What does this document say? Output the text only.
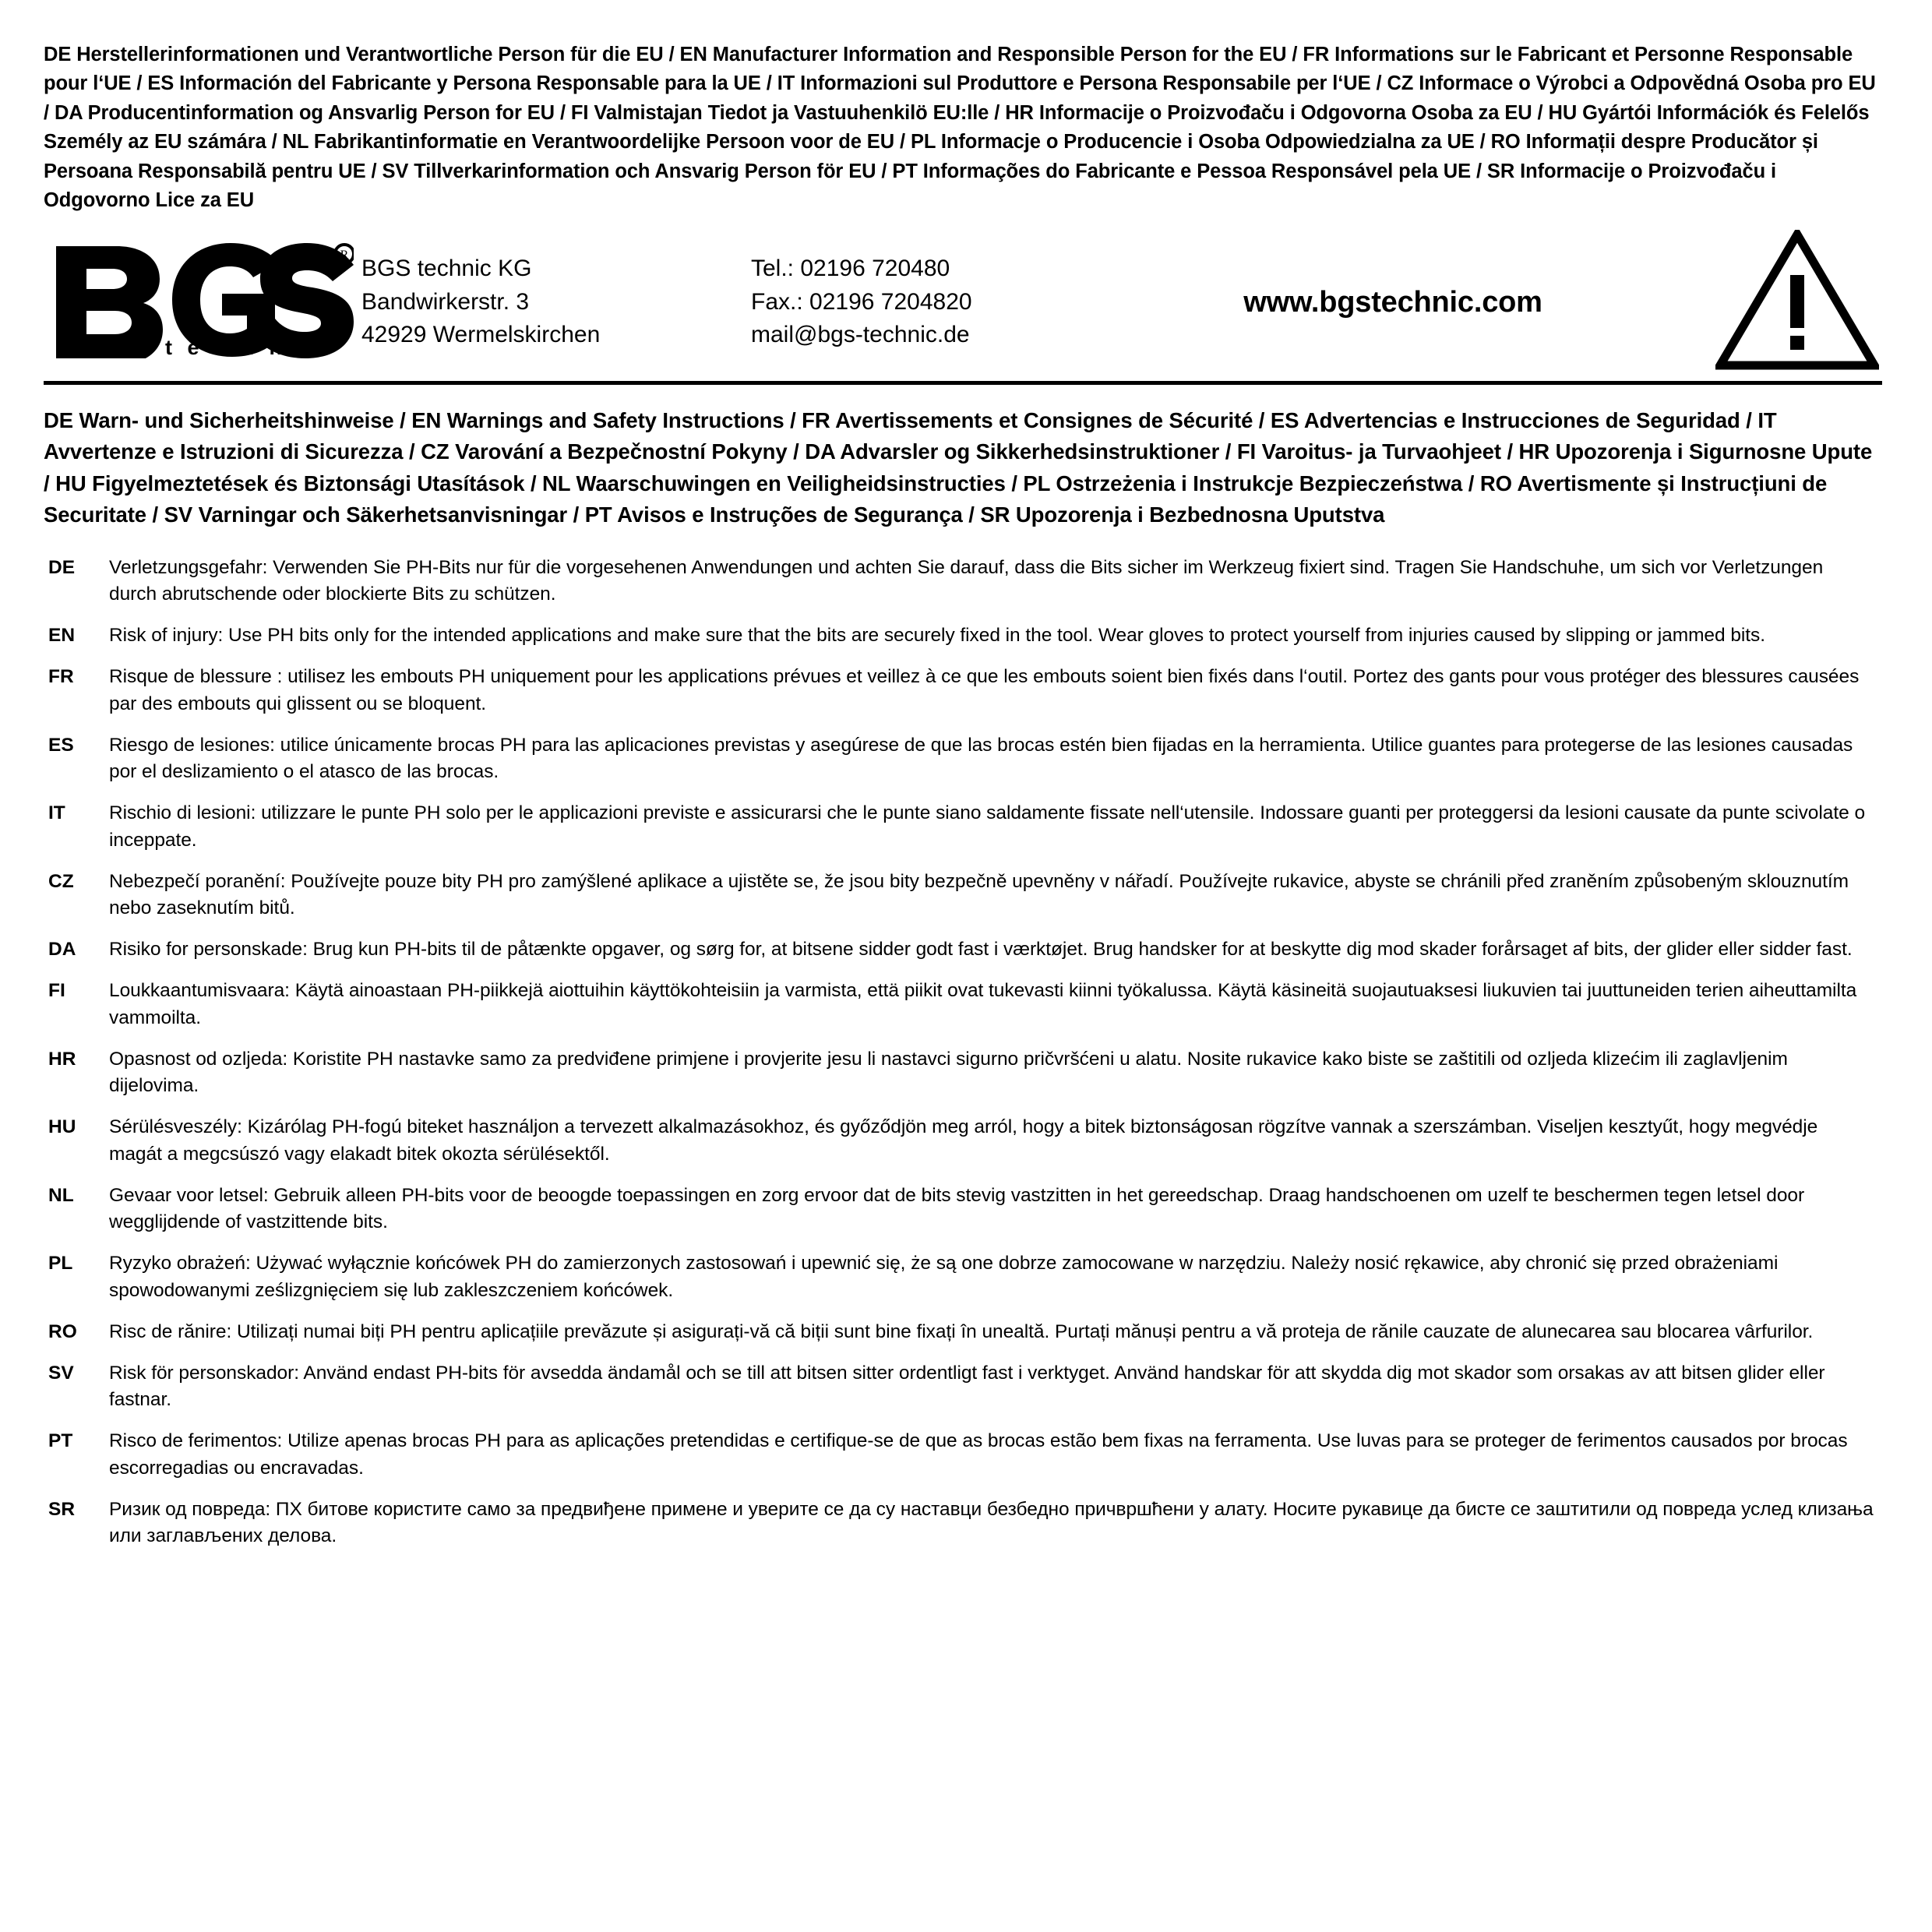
DE Herstellerinformationen und Verantwortliche Person für die EU / EN Manufacturer Information and Responsible Person for the EU / FR Informations sur le Fabricant et Personne Responsable pour l‘UE / ES Información del Fabricante y Persona Responsable para la UE / IT Informazioni sul Produttore e Persona Responsabile per l‘UE / CZ Informace o Výrobci a Odpovědná Osoba pro EU / DA Producentinformation og Ansvarlig Person for EU / FI Valmistajan Tiedot ja Vastuuhenkilö EU:lle / HR Informacije o Proizvođaču i Odgovorna Osoba za EU / HU Gyártói Információk és Felelős Személy az EU számára / NL Fabrikantinformatie en Verantwoordelijke Persoon voor de EU / PL Informacje o Producencie i Osoba Odpowiedzialna za UE / RO Informații despre Producător și Persoana Responsabilă pentru UE / SV Tillverkarinformation och Ansvarig Person för EU / PT Informações do Fabricante e Pessoa Responsável pela UE / SR Informacije o Proizvođaču i Odgovorno Lice za EU
R
t e c h n i c
BGS technic KG
Bandwirkerstr. 3
42929 Wermelskirchen
Tel.: 02196 720480
Fax.: 02196 7204820
mail@bgs-technic.de
www.bgstechnic.com
DE Warn- und Sicherheitshinweise / EN Warnings and Safety Instructions / FR Avertissements et Consignes de Sécurité / ES Advertencias e Instrucciones de Seguridad / IT Avvertenze e Istruzioni di Sicurezza / CZ Varování a Bezpečnostní Pokyny / DA Advarsler og Sikkerhedsinstruktioner / FI Varoitus- ja Turvaohjeet / HR Upozorenja i Sigurnosne Upute / HU Figyelmeztetések és Biztonsági Utasítások / NL Waarschuwingen en Veiligheidsinstructies / PL Ostrzeżenia i Instrukcje Bezpieczeństwa / RO Avertismente și Instrucțiuni de Securitate / SV Varningar och Säkerhetsanvisningar / PT Avisos e Instruções de Segurança / SR Upozorenja i Bezbednosna Uputstva
DE	Verletzungsgefahr: Verwenden Sie PH-Bits nur für die vorgesehenen Anwendungen und achten Sie darauf, dass die Bits sicher im Werkzeug fixiert sind. Tragen Sie Handschuhe, um sich vor Verletzungen durch abrutschende oder blockierte Bits zu schützen.
EN	Risk of injury: Use PH bits only for the intended applications and make sure that the bits are securely fixed in the tool. Wear gloves to protect yourself from injuries caused by slipping or jammed bits.
FR	Risque de blessure : utilisez les embouts PH uniquement pour les applications prévues et veillez à ce que les embouts soient bien fixés dans l‘outil. Portez des gants pour vous protéger des blessures causées par des embouts qui glissent ou se bloquent.
ES	Riesgo de lesiones: utilice únicamente brocas PH para las aplicaciones previstas y asegúrese de que las brocas estén bien fijadas en la herramienta. Utilice guantes para protegerse de las lesiones causadas por el deslizamiento o el atasco de las brocas.
IT	Rischio di lesioni: utilizzare le punte PH solo per le applicazioni previste e assicurarsi che le punte siano saldamente fissate nell‘utensile. Indossare guanti per proteggersi da lesioni causate da punte scivolate o inceppate.
CZ	Nebezpečí poranění: Používejte pouze bity PH pro zamýšlené aplikace a ujistěte se, že jsou bity bezpečně upevněny v nářadí. Používejte rukavice, abyste se chránili před zraněním způsobeným sklouznutím nebo zaseknutím bitů.
DA	Risiko for personskade: Brug kun PH-bits til de påtænkte opgaver, og sørg for, at bitsene sidder godt fast i værktøjet. Brug handsker for at beskytte dig mod skader forårsaget af bits, der glider eller sidder fast.
FI	Loukkaantumisvaara: Käytä ainoastaan PH-piikkejä aiottuihin käyttökohteisiin ja varmista, että piikit ovat tukevasti kiinni työkalussa. Käytä käsineitä suojautuaksesi liukuvien tai juuttuneiden terien aiheuttamilta vammoilta.
HR	Opasnost od ozljeda: Koristite PH nastavke samo za predviđene primjene i provjerite jesu li nastavci sigurno pričvršćeni u alatu. Nosite rukavice kako biste se zaštitili od ozljeda klizećim ili zaglavljenim dijelovima.
HU	Sérülésveszély: Kizárólag PH-fogú biteket használjon a tervezett alkalmazásokhoz, és győződjön meg arról, hogy a bitek biztonságosan rögzítve vannak a szerszámban. Viseljen kesztyűt, hogy megvédje magát a megcsúszó vagy elakadt bitek okozta sérülésektől.
NL	Gevaar voor letsel: Gebruik alleen PH-bits voor de beoogde toepassingen en zorg ervoor dat de bits stevig vastzitten in het gereedschap. Draag handschoenen om uzelf te beschermen tegen letsel door wegglijdende of vastzittende bits.
PL	Ryzyko obrażeń: Używać wyłącznie końcówek PH do zamierzonych zastosowań i upewnić się, że są one dobrze zamocowane w narzędziu. Należy nosić rękawice, aby chronić się przed obrażeniami spowodowanymi ześlizgnięciem się lub zakleszczeniem końcówek.
RO	Risc de rănire: Utilizați numai biți PH pentru aplicațiile prevăzute și asigurați-vă că biții sunt bine fixați în unealtă. Purtați mănuși pentru a vă proteja de rănile cauzate de alunecarea sau blocarea vârfurilor.
SV	Risk för personskador: Använd endast PH-bits för avsedda ändamål och se till att bitsen sitter ordentligt fast i verktyget. Använd handskar för att skydda dig mot skador som orsakas av att bitsen glider eller fastnar.
PT	Risco de ferimentos: Utilize apenas brocas PH para as aplicações pretendidas e certifique-se de que as brocas estão bem fixas na ferramenta. Use luvas para se proteger de ferimentos causados por brocas escorregadias ou encravadas.
SR	Ризик од повреда: ПХ битове користите само за предвиђене примене и уверите се да су наставци безбедно причвршћени у алату. Носите рукавице да бисте се заштитили од повреда услед клизања или заглављених делова.
